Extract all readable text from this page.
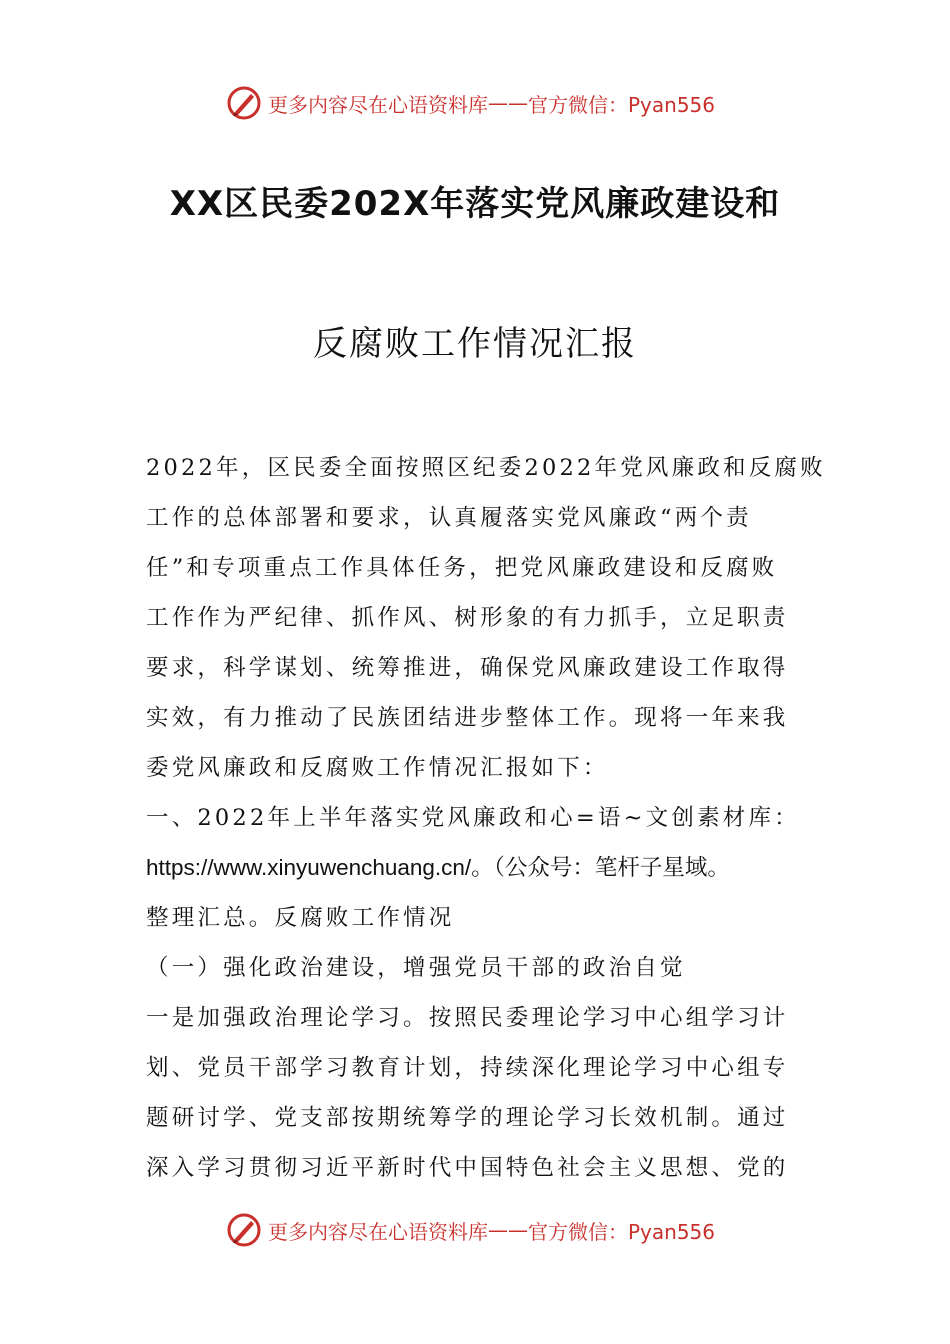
更多内容尽在心语资料库 —— 官方微信：Pyan556
XX区民委202X年落实党风廉政建设和
反腐败工作情况汇报
2022年，区民委全面按照区纪委2022年党风廉政和反腐败
工作的总体部署和要求，认真履落实党风廉政“两个责
任”和专项重点工作具体任务，把党风廉政建设和反腐败
工作作为严纪律、抓作风、树形象的有力抓手，立足职责
要求，科学谋划、统筹推进，确保党风廉政建设工作取得
实效，有力推动了民族团结进步整体工作。现将一年来我
委党风廉政和反腐败工作情况汇报如下：
一、2022年上半年落实党风廉政和心=语~文创素材库：
https://www.xinyuwenchuang.cn/。（公众号：笔杆子星域。
整理汇总。反腐败工作情况
（一）强化政治建设，增强党员干部的政治自觉
一是加强政治理论学习。按照民委理论学习中心组学习计
划、党员干部学习教育计划，持续深化理论学习中心组专
题研讨学、党支部按期统筹学的理论学习长效机制。通过
深入学习贯彻习近平新时代中国特色社会主义思想、党的
更多内容尽在心语资料库 —— 官方微信：Pyan556
